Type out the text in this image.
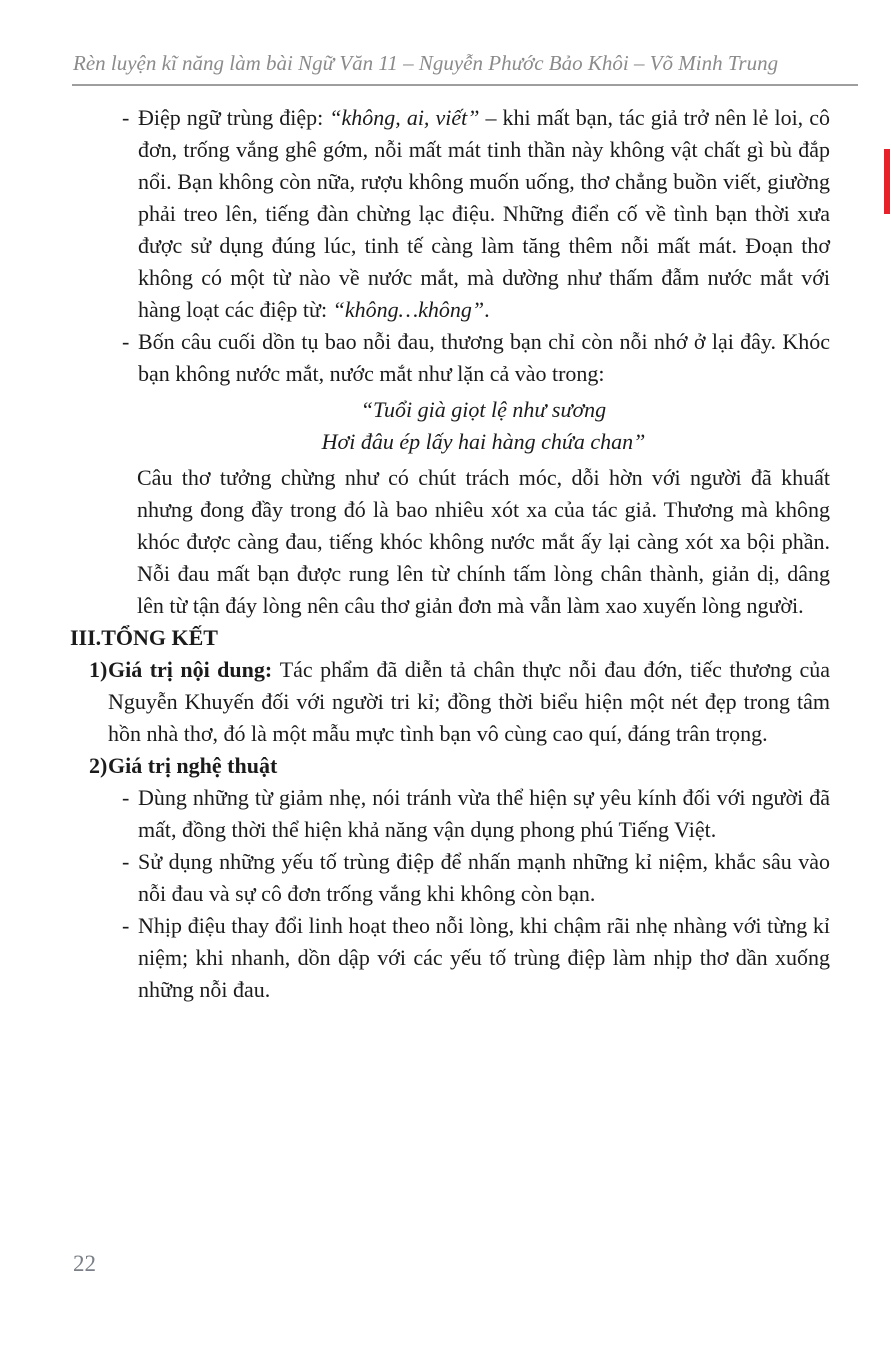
Rèn luyện kĩ năng làm bài Ngữ Văn 11 – Nguyễn Phước Bảo Khôi – Võ Minh Trung
- Điệp ngữ trùng điệp: “không, ai, viết” – khi mất bạn, tác giả trở nên lẻ loi, cô đơn, trống vắng ghê gớm, nỗi mất mát tinh thần này không vật chất gì bù đắp nổi. Bạn không còn nữa, rượu không muốn uống, thơ chẳng buồn viết, giường phải treo lên, tiếng đàn chừng lạc điệu. Những điển cố về tình bạn thời xưa được sử dụng đúng lúc, tinh tế càng làm tăng thêm nỗi mất mát. Đoạn thơ không có một từ nào về nước mắt, mà dường như thấm đẫm nước mắt với hàng loạt các điệp từ: “không…không”.
- Bốn câu cuối dồn tụ bao nỗi đau, thương bạn chỉ còn nỗi nhớ ở lại đây. Khóc bạn không nước mắt, nước mắt như lặn cả vào trong:
“Tuổi già giọt lệ như sương
Hơi đâu ép lấy hai hàng chứa chan”
Câu thơ tưởng chừng như có chút trách móc, dỗi hờn với người đã khuất nhưng đong đầy trong đó là bao nhiêu xót xa của tác giả. Thương mà không khóc được càng đau, tiếng khóc không nước mắt ấy lại càng xót xa bội phần. Nỗi đau mất bạn được rung lên từ chính tấm lòng chân thành, giản dị, dâng lên từ tận đáy lòng nên câu thơ giản đơn mà vẫn làm xao xuyến lòng người.
III. TỔNG KẾT
1) Giá trị nội dung: Tác phẩm đã diễn tả chân thực nỗi đau đớn, tiếc thương của Nguyễn Khuyến đối với người tri kỉ; đồng thời biểu hiện một nét đẹp trong tâm hồn nhà thơ, đó là một mẫu mực tình bạn vô cùng cao quí, đáng trân trọng.
2) Giá trị nghệ thuật
- Dùng những từ giảm nhẹ, nói tránh vừa thể hiện sự yêu kính đối với người đã mất, đồng thời thể hiện khả năng vận dụng phong phú Tiếng Việt.
- Sử dụng những yếu tố trùng điệp để nhấn mạnh những kỉ niệm, khắc sâu vào nỗi đau và sự cô đơn trống vắng khi không còn bạn.
- Nhịp điệu thay đổi linh hoạt theo nỗi lòng, khi chậm rãi nhẹ nhàng với từng kỉ niệm; khi nhanh, dồn dập với các yếu tố trùng điệp làm nhịp thơ dần xuống những nỗi đau.
22
